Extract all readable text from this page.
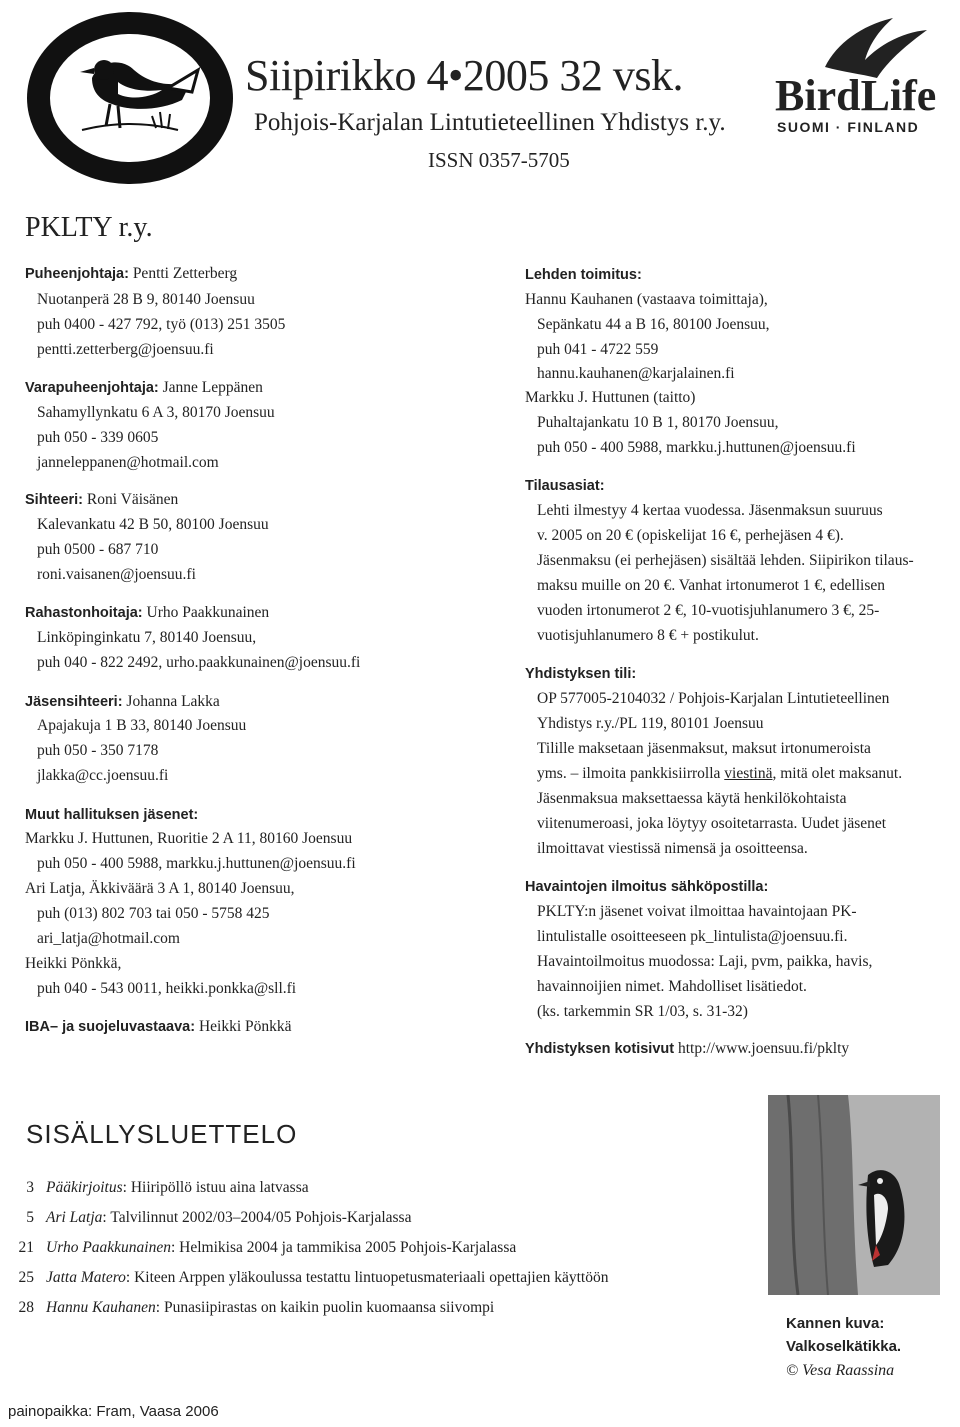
Siipirikko 4•2005 32 vsk.
Pohjois-Karjalan Lintutieteellinen Yhdistys r.y.
ISSN 0357-5705
BirdLife
SUOMI · FINLAND
PKLTY r.y.
Puheenjohtaja: Pentti Zetterberg
Nuotanperä 28 B 9, 80140 Joensuu
puh 0400 - 427 792, työ (013) 251 3505
pentti.zetterberg@joensuu.fi
Varapuheenjohtaja: Janne Leppänen
Sahamyllynkatu 6 A 3, 80170 Joensuu
puh 050 - 339 0605
janneleppanen@hotmail.com
Sihteeri: Roni Väisänen
Kalevankatu 42 B 50, 80100 Joensuu
puh 0500 - 687 710
roni.vaisanen@joensuu.fi
Rahastonhoitaja: Urho Paakkunainen
Linköpinginkatu 7, 80140 Joensuu,
puh 040 - 822 2492, urho.paakkunainen@joensuu.fi
Jäsensihteeri: Johanna Lakka
Apajakuja 1 B 33, 80140 Joensuu
puh 050 - 350 7178
jlakka@cc.joensuu.fi
Muut hallituksen jäsenet:
Markku J. Huttunen, Ruoritie 2 A 11, 80160 Joensuu
puh 050 - 400 5988, markku.j.huttunen@joensuu.fi
Ari Latja, Äkkiväärä 3 A 1, 80140 Joensuu,
puh (013) 802 703 tai 050 - 5758 425
ari_latja@hotmail.com
Heikki Pönkkä,
puh 040 - 543 0011, heikki.ponkka@sll.fi
IBA– ja suojeluvastaava: Heikki Pönkkä
Lehden toimitus:
Hannu Kauhanen (vastaava toimittaja),
Sepänkatu 44 a B 16, 80100 Joensuu,
puh 041 - 4722 559
hannu.kauhanen@karjalainen.fi
Markku J. Huttunen (taitto)
Puhaltajankatu 10 B 1, 80170 Joensuu,
puh 050 - 400 5988, markku.j.huttunen@joensuu.fi
Tilausasiat:
Lehti ilmestyy 4 kertaa vuodessa. Jäsenmaksun suuruus
v. 2005 on 20 € (opiskelijat 16 €, perhejäsen 4 €).
Jäsenmaksu (ei perhejäsen) sisältää lehden. Siipirikon tilaus-
maksu muille on 20 €. Vanhat irtonumerot 1 €, edellisen
vuoden irtonumerot 2 €, 10-vuotisjuhlanumero 3 €, 25-
vuotisjuhlanumero 8 € + postikulut.
Yhdistyksen tili:
OP 577005-2104032 / Pohjois-Karjalan Lintutieteellinen
Yhdistys r.y./PL 119, 80101 Joensuu
Tilille maksetaan jäsenmaksut, maksut irtonumeroista
yms. – ilmoita pankkisiirrolla viestinä, mitä olet maksanut.
Jäsenmaksua maksettaessa käytä henkilökohtaista
viitenumeroasi, joka löytyy osoitetarrasta. Uudet jäsenet
ilmoittavat viestissä nimensä ja osoitteensa.
Havaintojen ilmoitus sähköpostilla:
PKLTY:n jäsenet voivat ilmoittaa havaintojaan PK-
lintulistalle osoitteeseen pk_lintulista@joensuu.fi.
Havaintoilmoitus muodossa: Laji, pvm, paikka, havis,
havainnoijien nimet. Mahdolliset lisätiedot.
(ks. tarkemmin SR 1/03, s. 31-32)
Yhdistyksen kotisivut http://www.joensuu.fi/pklty
SISÄLLYSLUETTELO
3 Pääkirjoitus: Hiiripöllö istuu aina latvassa
5 Ari Latja: Talvilinnut 2002/03–2004/05 Pohjois-Karjalassa
21 Urho Paakkunainen: Helmikisa 2004 ja tammikisa 2005 Pohjois-Karjalassa
25 Jatta Matero: Kiteen Arppen yläkoulussa testattu lintuopetusmateriaali opettajien käyttöön
28 Hannu Kauhanen: Punasiipirastas on kaikin puolin kuomaansa siivompi
Kannen kuva:
Valkoselkätikka.
© Vesa Raassina
painopaikka: Fram, Vaasa 2006
